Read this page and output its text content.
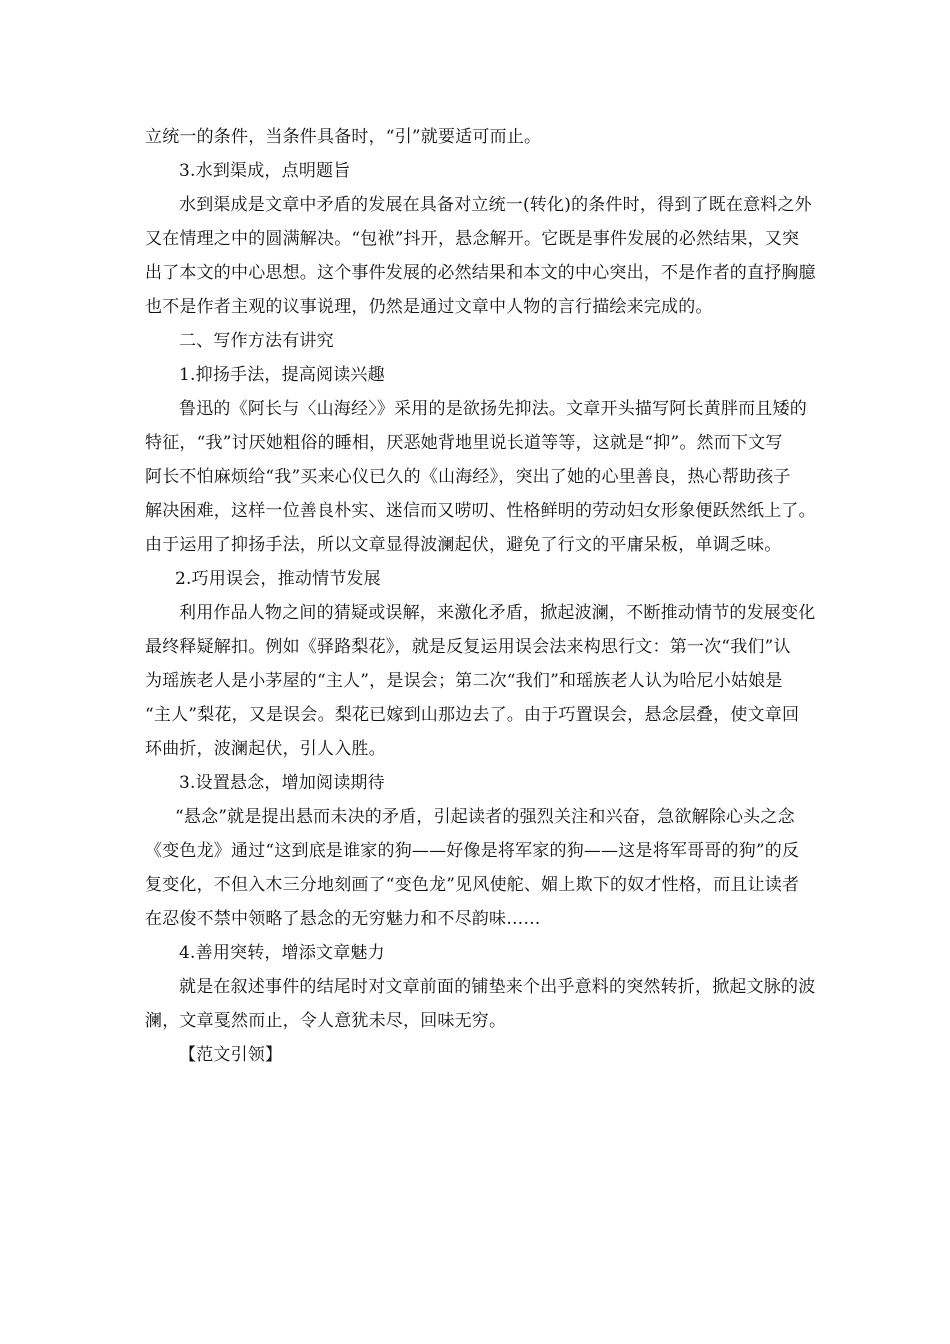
立统一的条件，当条件具备时，“引”就要适可而止。
3.水到渠成，点明题旨
水到渠成是文章中矛盾的发展在具备对立统一(转化)的条件时，得到了既在意料之外
又在情理之中的圆满解决。“包袱”抖开，悬念解开。它既是事件发展的必然结果，又突
出了本文的中心思想。这个事件发展的必然结果和本文的中心突出，不是作者的直抒胸臆
也不是作者主观的议事说理，仍然是通过文章中人物的言行描绘来完成的。
二、写作方法有讲究
1.抑扬手法，提高阅读兴趣
鲁迅的《阿长与〈山海经〉》采用的是欲扬先抑法。文章开头描写阿长黄胖而且矮的
特征，“我”讨厌她粗俗的睡相，厌恶她背地里说长道等等，这就是“抑”。然而下文写
阿长不怕麻烦给“我”买来心仪已久的《山海经》，突出了她的心里善良，热心帮助孩子
解决困难，这样一位善良朴实、迷信而又唠叨、性格鲜明的劳动妇女形象便跃然纸上了。
由于运用了抑扬手法，所以文章显得波澜起伏，避免了行文的平庸呆板，单调乏味。
2.巧用误会，推动情节发展
利用作品人物之间的猜疑或误解，来激化矛盾，掀起波澜，不断推动情节的发展变化
最终释疑解扣。例如《驿路梨花》，就是反复运用误会法来构思行文：第一次“我们”认
为瑶族老人是小茅屋的“主人”，是误会；第二次“我们”和瑶族老人认为哈尼小姑娘是
“主人”梨花，又是误会。梨花已嫁到山那边去了。由于巧置误会，悬念层叠，使文章回
环曲折，波澜起伏，引人入胜。
3.设置悬念，增加阅读期待
“悬念”就是提出悬而未决的矛盾，引起读者的强烈关注和兴奋，急欲解除心头之念
《变色龙》通过“这到底是谁家的狗——好像是将军家的狗——这是将军哥哥的狗”的反
复变化，不但入木三分地刻画了“变色龙”见风使舵、媚上欺下的奴才性格，而且让读者
在忍俊不禁中领略了悬念的无穷魅力和不尽韵味……
4.善用突转，增添文章魅力
就是在叙述事件的结尾时对文章前面的铺垫来个出乎意料的突然转折，掀起文脉的波
澜，文章戛然而止，令人意犹未尽，回味无穷。
【范文引领】
